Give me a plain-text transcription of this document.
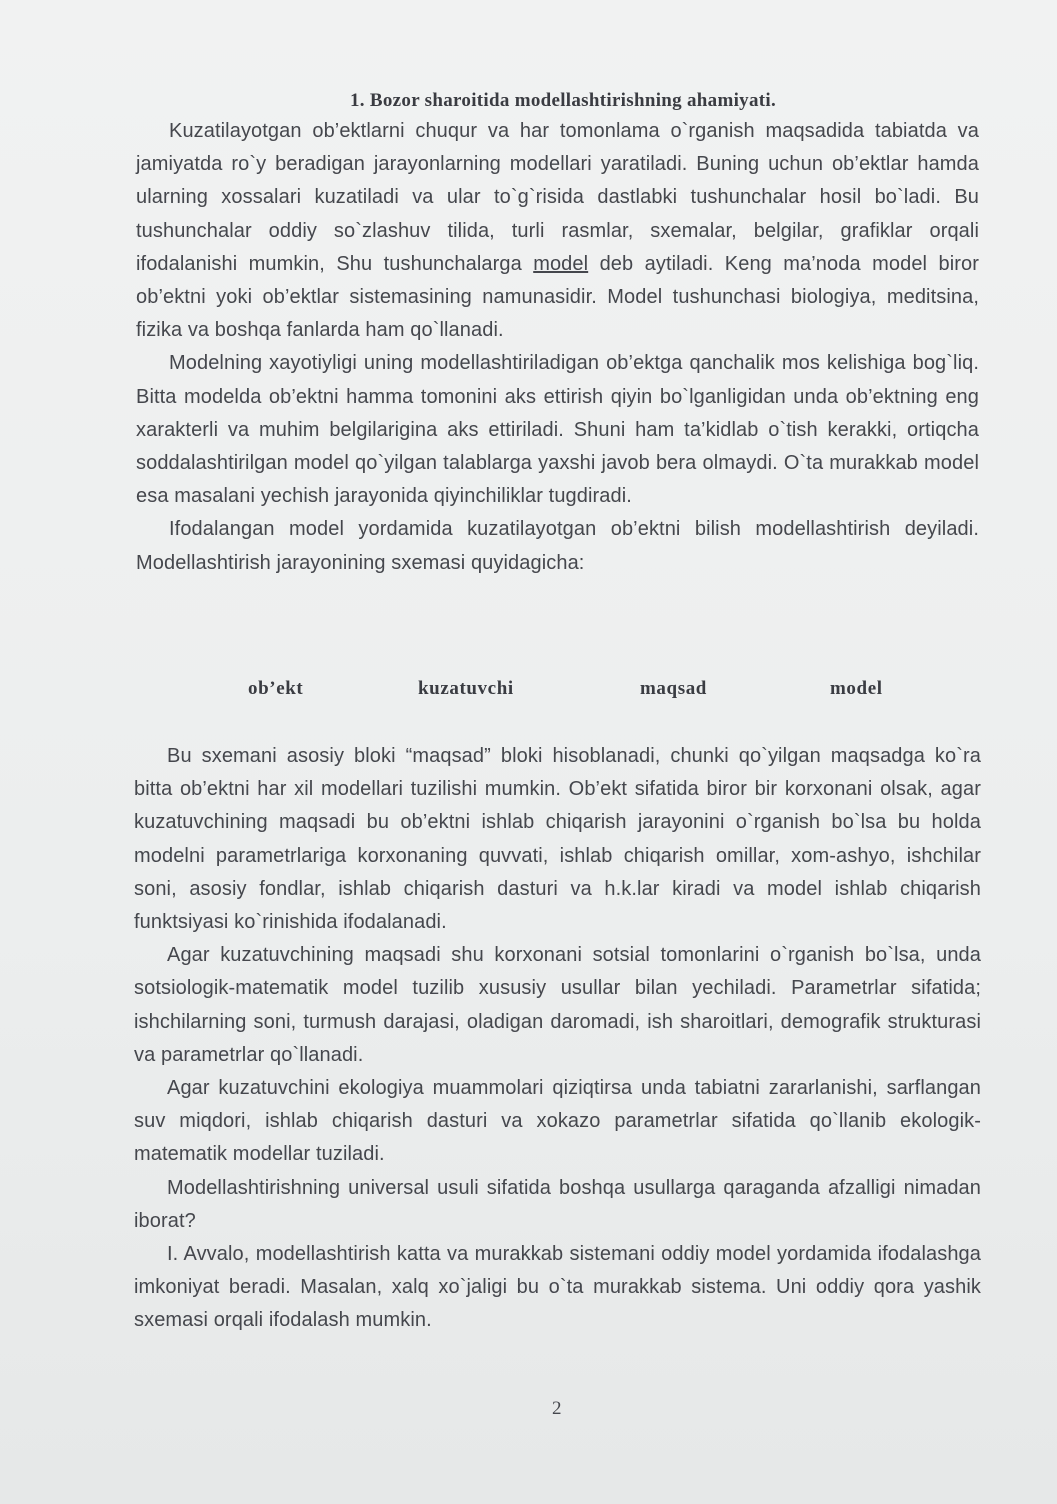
1. Bozor sharoitida modellashtirishning ahamiyati.

Kuzatilayotgan ob’ektlarni chuqur va har tomonlama o`rganish maqsadida tabiatda va jamiyatda ro`y beradigan jarayonlarning modellari yaratiladi. Buning uchun ob’ektlar hamda ularning xossalari kuzatiladi va ular to`g`risida dastlabki tushunchalar hosil bo`ladi. Bu tushunchalar oddiy so`zlashuv tilida, turli rasmlar, sxemalar, belgilar, grafiklar orqali ifodalanishi mumkin, Shu tushunchalarga model deb aytiladi. Keng ma’noda model biror ob’ektni yoki ob’ektlar sistemasining namunasidir. Model tushunchasi biologiya, meditsina, fizika va boshqa fanlarda ham qo`llanadi.

Modelning xayotiyligi uning modellashtiriladigan ob’ektga qanchalik mos kelishiga bog`liq. Bitta modelda ob’ektni hamma tomonini aks ettirish qiyin bo`lganligidan unda ob’ektning eng xarakterli va muhim belgilarigina aks ettiriladi. Shuni ham ta’kidlab o`tish kerakki, ortiqcha soddalashtirilgan model qo`yilgan talablarga yaxshi javob bera olmaydi. O`ta murakkab model esa masalani yechish jarayonida qiyinchiliklar tugdiradi.

Ifodalangan model yordamida kuzatilayotgan ob’ektni bilish modellashtirish deyiladi. Modellashtirish jarayonining sxemasi quyidagicha:

ob’ekt	kuzatuvchi	maqsad	model

Bu sxemani asosiy bloki “maqsad” bloki hisoblanadi, chunki qo`yilgan maqsadga ko`ra bitta ob’ektni har xil modellari tuzilishi mumkin. Ob’ekt sifatida biror bir korxonani olsak, agar kuzatuvchining maqsadi bu ob’ektni ishlab chiqarish jarayonini o`rganish bo`lsa bu holda modelni parametrlariga korxonaning quvvati, ishlab chiqarish omillar, xom-ashyo, ishchilar soni, asosiy fondlar, ishlab chiqarish dasturi va h.k.lar kiradi va model ishlab chiqarish funktsiyasi ko`rinishida ifodalanadi.

Agar kuzatuvchining maqsadi shu korxonani sotsial tomonlarini o`rganish bo`lsa, unda sotsiologik-matematik model tuzilib xususiy usullar bilan yechiladi. Parametrlar sifatida; ishchilarning soni, turmush darajasi, oladigan daromadi, ish sharoitlari, demografik strukturasi va parametrlar qo`llanadi.

Agar kuzatuvchini ekologiya muammolari qiziqtirsa unda tabiatni zararlanishi, sarflangan suv miqdori, ishlab chiqarish dasturi va xokazo parametrlar sifatida qo`llanib ekologik-matematik modellar tuziladi.

Modellashtirishning universal usuli sifatida boshqa usullarga qaraganda afzalligi nimadan iborat?

I. Avvalo, modellashtirish katta va murakkab sistemani oddiy model yordamida ifodalashga imkoniyat beradi. Masalan, xalq xo`jaligi bu o`ta murakkab sistema. Uni oddiy qora yashik sxemasi orqali ifodalash mumkin.

2
